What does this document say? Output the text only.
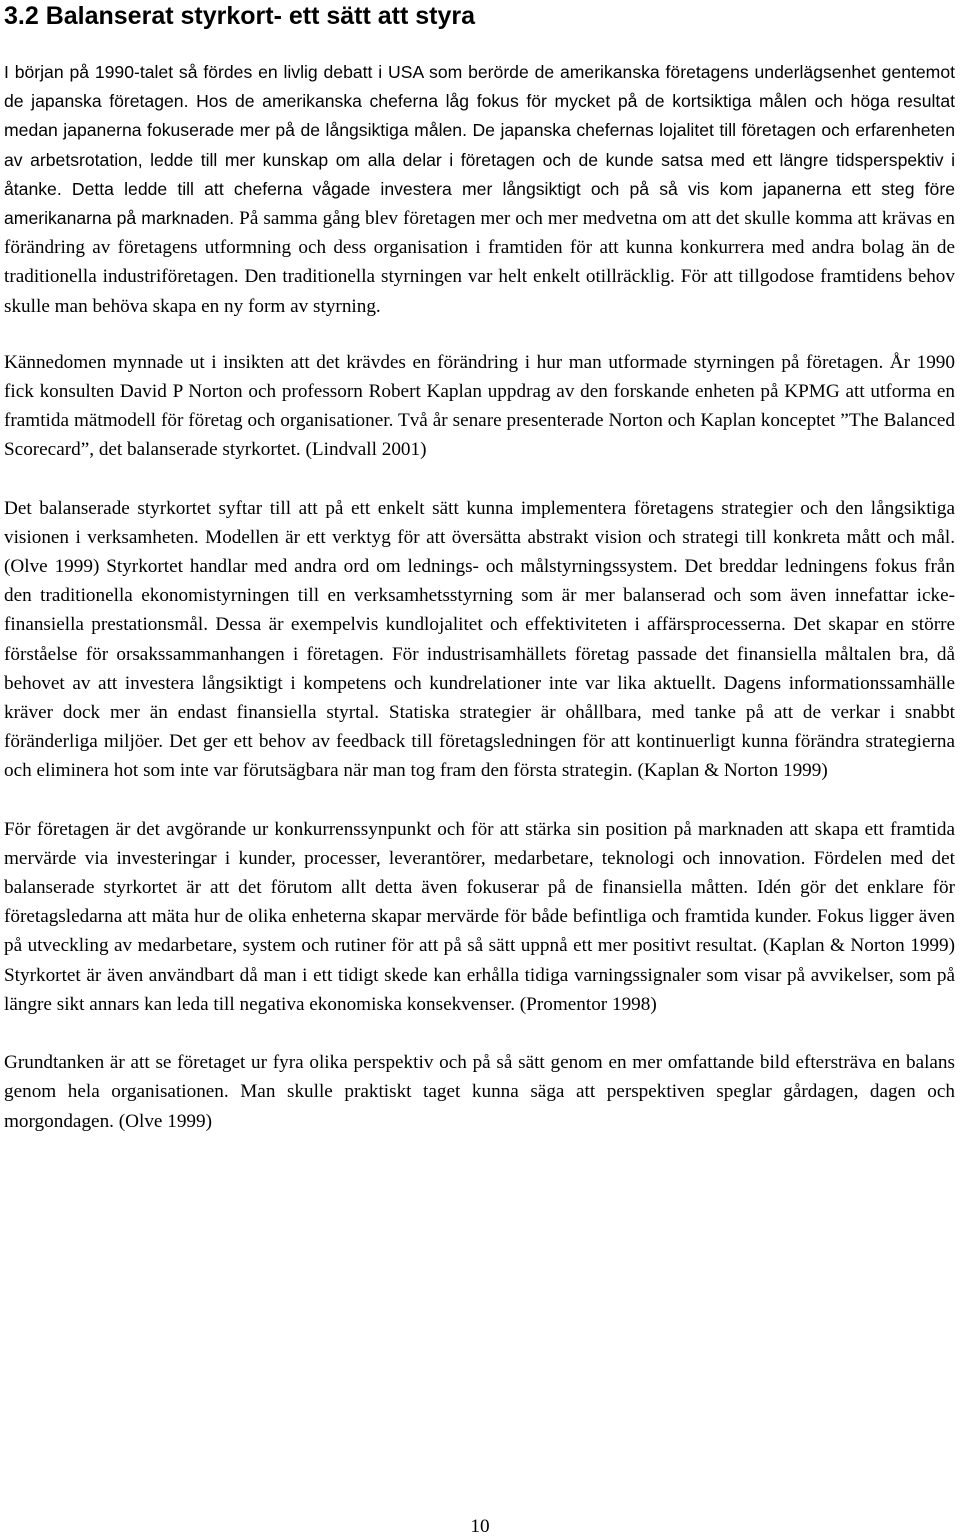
3.2 Balanserat styrkort- ett sätt att styra

I början på 1990-talet så fördes en livlig debatt i USA som berörde de amerikanska företagens underlägsenhet gentemot de japanska företagen. Hos de amerikanska cheferna låg fokus för mycket på de kortsiktiga målen och höga resultat medan japanerna fokuserade mer på de långsiktiga målen. De japanska chefernas lojalitet till företagen och erfarenheten av arbetsrotation, ledde till mer kunskap om alla delar i företagen och de kunde satsa med ett längre tidsperspektiv i åtanke. Detta ledde till att cheferna vågade investera mer långsiktigt och på så vis kom japanerna ett steg före amerikanarna på marknaden. På samma gång blev företagen mer och mer medvetna om att det skulle komma att krävas en förändring av företagens utformning och dess organisation i framtiden för att kunna konkurrera med andra bolag än de traditionella industriföretagen. Den traditionella styrningen var helt enkelt otillräcklig. För att tillgodose framtidens behov skulle man behöva skapa en ny form av styrning.

Kännedomen mynnade ut i insikten att det krävdes en förändring i hur man utformade styrningen på företagen. År 1990 fick konsulten David P Norton och professorn Robert Kaplan uppdrag av den forskande enheten på KPMG att utforma en framtida mätmodell för företag och organisationer. Två år senare presenterade Norton och Kaplan konceptet ”The Balanced Scorecard”, det balanserade styrkortet. (Lindvall 2001)

Det balanserade styrkortet syftar till att på ett enkelt sätt kunna implementera företagens strategier och den långsiktiga visionen i verksamheten. Modellen är ett verktyg för att översätta abstrakt vision och strategi till konkreta mått och mål. (Olve 1999) Styrkortet handlar med andra ord om lednings- och målstyrningssystem. Det breddar ledningens fokus från den traditionella ekonomistyrningen till en verksamhetsstyrning som är mer balanserad och som även innefattar icke-finansiella prestationsmål. Dessa är exempelvis kundlojalitet och effektiviteten i affärsprocesserna. Det skapar en större förståelse för orsakssammanhangen i företagen. För industrisamhällets företag passade det finansiella måltalen bra, då behovet av att investera långsiktigt i kompetens och kundrelationer inte var lika aktuellt. Dagens informationssamhälle kräver dock mer än endast finansiella styrtal. Statiska strategier är ohållbara, med tanke på att de verkar i snabbt föränderliga miljöer. Det ger ett behov av feedback till företagsledningen för att kontinuerligt kunna förändra strategierna och eliminera hot som inte var förutsägbara när man tog fram den första strategin. (Kaplan & Norton 1999)

För företagen är det avgörande ur konkurrenssynpunkt och för att stärka sin position på marknaden att skapa ett framtida mervärde via investeringar i kunder, processer, leverantörer, medarbetare, teknologi och innovation. Fördelen med det balanserade styrkortet är att det förutom allt detta även fokuserar på de finansiella måtten. Idén gör det enklare för företagsledarna att mäta hur de olika enheterna skapar mervärde för både befintliga och framtida kunder. Fokus ligger även på utveckling av medarbetare, system och rutiner för att på så sätt uppnå ett mer positivt resultat. (Kaplan & Norton 1999) Styrkortet är även användbart då man i ett tidigt skede kan erhålla tidiga varningssignaler som visar på avvikelser, som på längre sikt annars kan leda till negativa ekonomiska konsekvenser. (Promentor 1998)

Grundtanken är att se företaget ur fyra olika perspektiv och på så sätt genom en mer omfattande bild eftersträva en balans genom hela organisationen. Man skulle praktiskt taget kunna säga att perspektiven speglar gårdagen, dagen och morgondagen. (Olve 1999)

10
